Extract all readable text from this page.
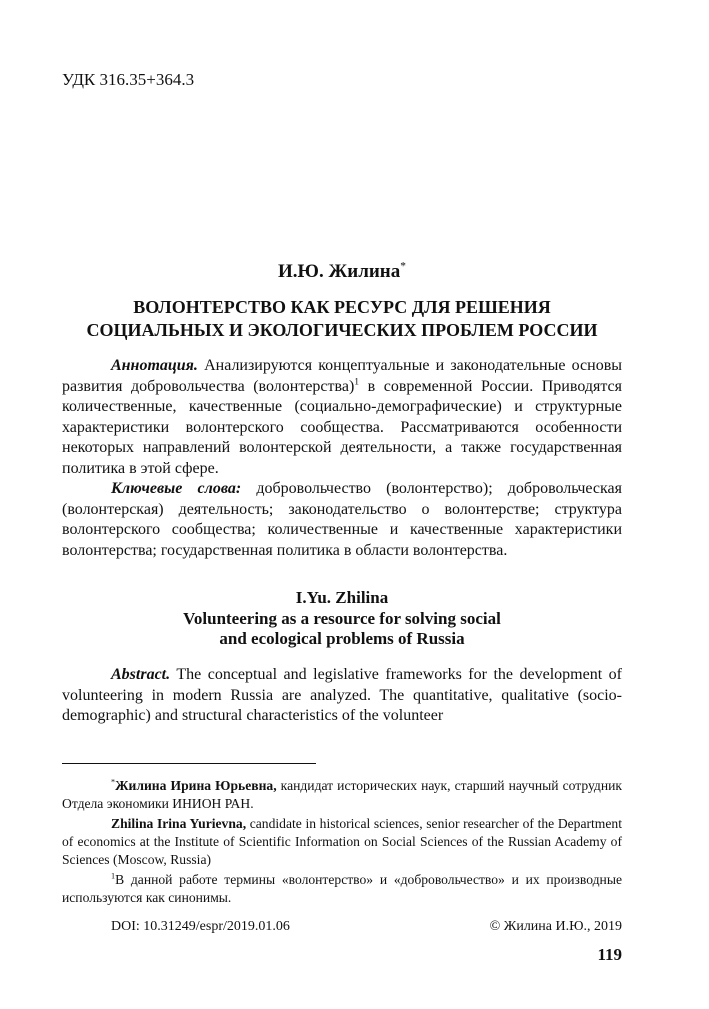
УДК 316.35+364.3
И.Ю. Жилина*
ВОЛОНТЕРСТВО КАК РЕСУРС ДЛЯ РЕШЕНИЯ
СОЦИАЛЬНЫХ И ЭКОЛОГИЧЕСКИХ ПРОБЛЕМ РОССИИ

Аннотация. Анализируются концептуальные и законодательные основы развития добровольчества (волонтерства)$^1$ в современной России. Приводятся количественные, качественные (социально-демографические) и структурные характеристики волонтерского сообщества. Рассматриваются особенности некоторых направлений волонтерской деятельности, а также государственная политика в этой сфере.

Ключевые слова: добровольчество (волонтерство); добровольческая (волонтерская) деятельность; законодательство о волонтерстве; структура волонтерского сообщества; количественные и качественные характеристики волонтерства; государственная политика в области волонтерства.

I.Yu. Zhilina
Volunteering as a resource for solving social
and ecological problems of Russia

Abstract. The conceptual and legislative frameworks for the development of volunteering in modern Russia are analyzed. The quantitative, qualitative (socio-demographic) and structural characteristics of the volunteer

*Жилина Ирина Юрьевна, кандидат исторических наук, старший научный сотрудник Отдела экономики ИНИОН РАН.

Zhilina Irina Yurievna, candidate in historical sciences, senior researcher of the Department of economics at the Institute of Scientific Information on Social Sciences of the Russian Academy of Sciences (Moscow, Russia)

$^1$В данной работе термины «волонтерство» и «добровольчество» и их производные используются как синонимы.

DOI: 10.31249/espr/2019.01.06	© Жилина И.Ю., 2019
119
